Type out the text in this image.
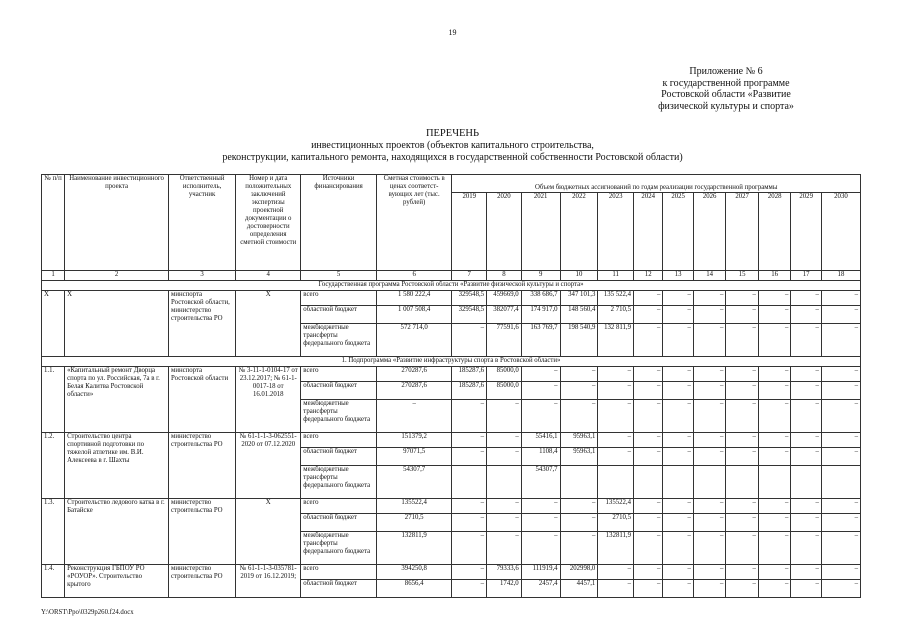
19
Приложение № 6
к государственной программе
Ростовской области «Развитие
физической культуры и спорта»
ПЕРЕЧЕНЬ
инвестиционных проектов (объектов капитального строительства,
реконструкции, капитального ремонта, находящихся в государственной собственности Ростовской области)
№ п/п	Наименование инвестиционного проекта	Ответственный исполнитель, участник	Номер и дата положительных заключений экспертизы проектной документации о достоверности определения сметной стоимости	Источники финансирования	Сметная стоимость в ценах соответст-вующих лет (тыс. рублей)	Объем бюджетных ассигнований по годам реализации государственной программы											
						2019	2020	2021	2022	2023	2024	2025	2026	2027	2028	2029	2030
1	2	3	4	5	6	7	8	9	10	11	12	13	14	15	16	17	18
Государственная программа Ростовской области «Развитие физической культуры и спорта»																	
Х	Х	минспорта Ростовской области, министерство строительства РО	Х	всего	1 580 222,4	329548,5	459669,0	338 686,7	347 101,3	135 522,4	–	–	–	–	–	–	–
				областной бюджет	1 007 508,4	329548,5	382077,4	174 917,0	148 560,4	2 710,5	–	–	–	–	–	–	–
				межбюджетные трансферты федерального бюджета	572 714,0	–	77591,6	163 769,7	198 540,9	132 811,9	–	–	–	–	–	–	–
1. Подпрограмма «Развитие инфраструктуры спорта в Ростовской области»																	
1.1.	«Капитальный ремонт Дворца спорта по ул. Российская, 7а в г. Белая Калитва Ростовской области»	минспорта Ростовской области	№ 3-11-1-0104-17 от 23.12.2017; № 61-1-0017-18 от 16.01.2018	всего	270287,6	185287,6	85000,0	–	–	–	–	–	–	–	–	–	–
				областной бюджет	270287,6	185287,6	85000,0	–	–	–	–	–	–	–	–	–	–
				межбюджетные трансферты федерального бюджета	–	–	–	–	–	–	–	–	–	–	–	–	–
1.2.	Строительство центра спортивной подготовки по тяжелой атлетике им. В.И. Алексеева в г. Шахты	министерство строительства РО	№ 61-1-1-3-062551-2020 от 07.12.2020	всего	151379,2	–	–	55416,1	95963,1	–	–	–	–	–	–	–	–
				областной бюджет	97071,5	–	–	1108,4	95963,1	–	–	–	–	–	–	–	–
				межбюджетные трансферты федерального бюджета	54307,7			54307,7									
1.3.	Строительство ледового катка в г. Батайске	министерство строительства РО	Х	всего	135522,4	–	–	–	–	135522,4	–	–	–	–	–	–	–
				областной бюджет	2710,5	–	–	–	–	2710,5	–	–	–	–	–	–	–
				межбюджетные трансферты федерального бюджета	132811,9	–	–	–	–	132811,9	–	–	–	–	–	–	–
1.4.	Реконструкция ГБПОУ РО «РОУОР». Строительство крытого	министерство строительства РО	№ 61-1-1-3-035781-2019 от 16.12.2019;	всего	394250,8	–	79333,6	111919,4	202998,0	–	–	–	–	–	–	–	–
				областной бюджет	8656,4	–	1742,0	2457,4	4457,1	–	–	–	–	–	–	–	–
Y:\ORST\Ppo\0329p260.f24.docx
